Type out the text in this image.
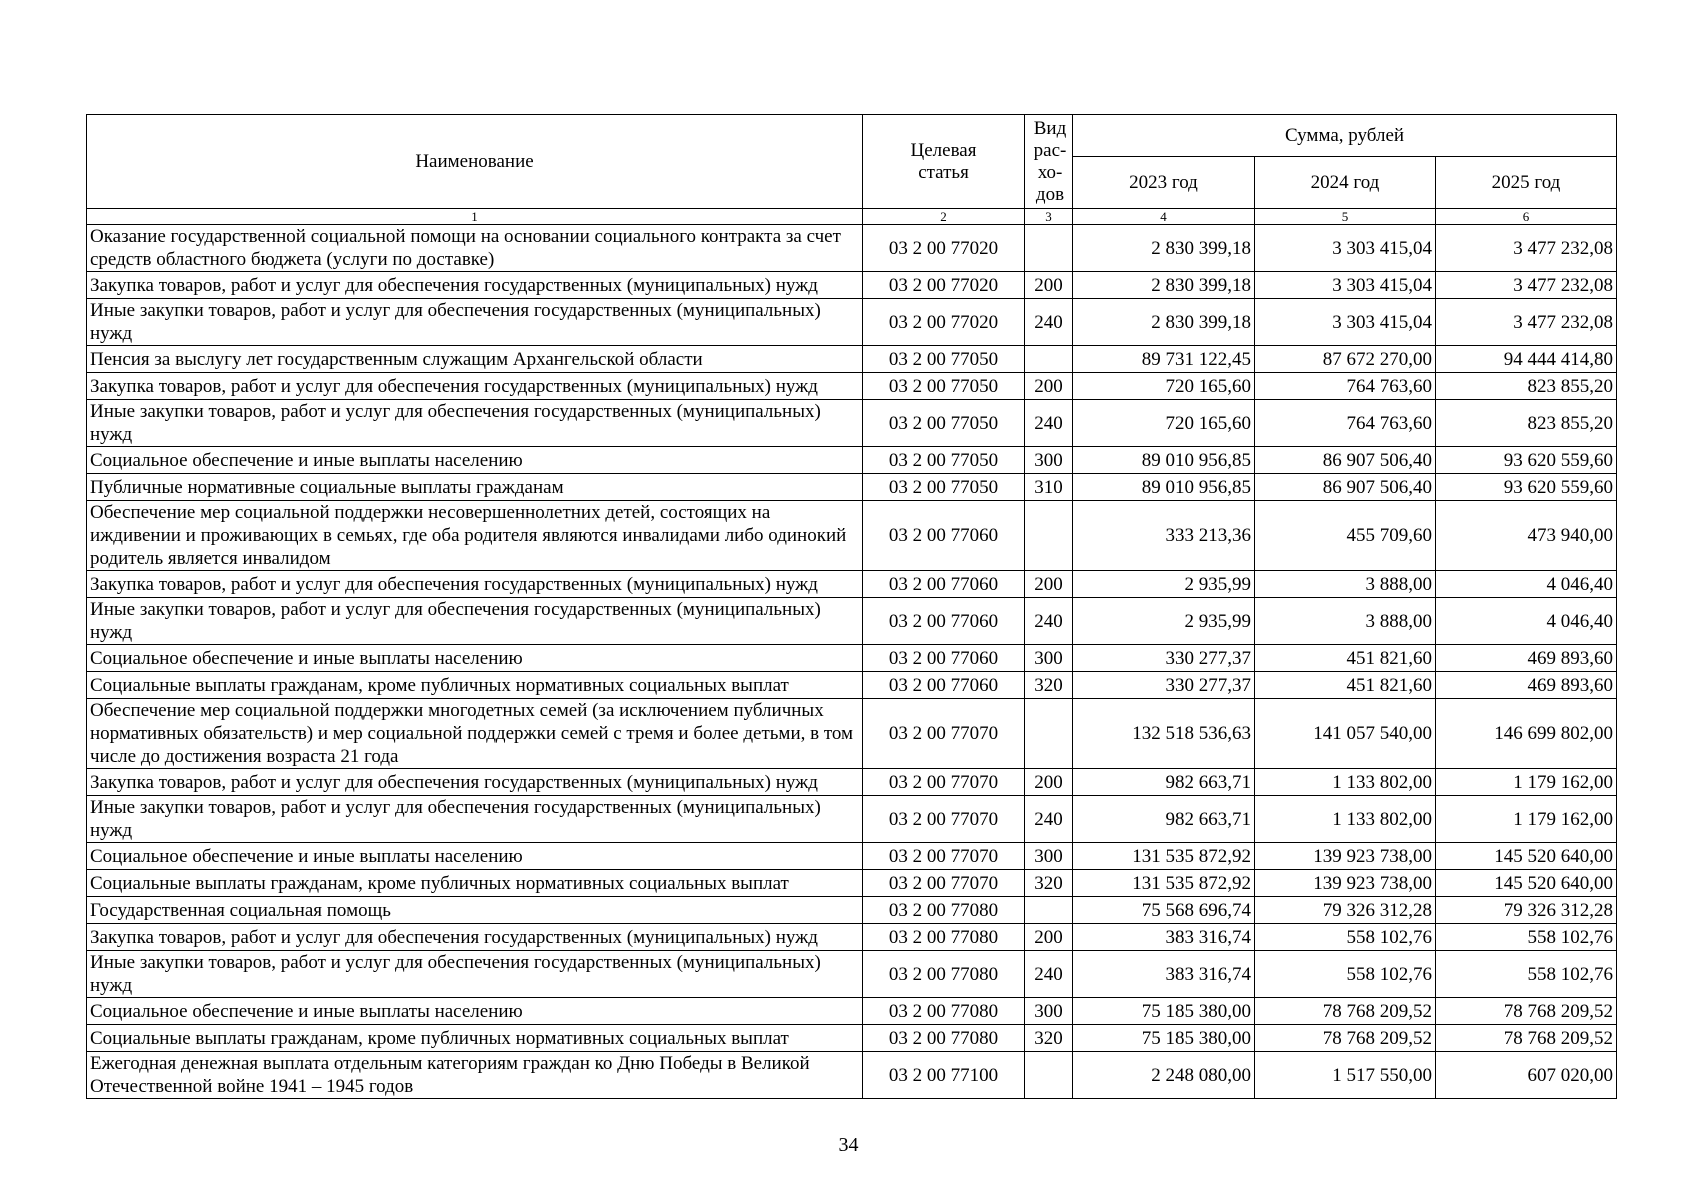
Наименование	Целевая статья	Вид рас-хо-дов	Сумма, рублей		
			2023 год	2024 год	2025 год
1	2	3	4	5	6
Оказание государственной социальной помощи на основании социального контракта за счет средств областного бюджета (услуги по доставке)	03 2 00 77020		2 830 399,18	3 303 415,04	3 477 232,08
Закупка товаров, работ и услуг для обеспечения государственных (муниципальных) нужд	03 2 00 77020	200	2 830 399,18	3 303 415,04	3 477 232,08
Иные закупки товаров, работ и услуг для обеспечения государственных (муниципальных) нужд	03 2 00 77020	240	2 830 399,18	3 303 415,04	3 477 232,08
Пенсия за выслугу лет государственным служащим Архангельской области	03 2 00 77050		89 731 122,45	87 672 270,00	94 444 414,80
Закупка товаров, работ и услуг для обеспечения государственных (муниципальных) нужд	03 2 00 77050	200	720 165,60	764 763,60	823 855,20
Иные закупки товаров, работ и услуг для обеспечения государственных (муниципальных) нужд	03 2 00 77050	240	720 165,60	764 763,60	823 855,20
Социальное обеспечение и иные выплаты населению	03 2 00 77050	300	89 010 956,85	86 907 506,40	93 620 559,60
Публичные нормативные социальные выплаты гражданам	03 2 00 77050	310	89 010 956,85	86 907 506,40	93 620 559,60
Обеспечение мер социальной поддержки несовершеннолетних детей, состоящих на иждивении и проживающих в семьях, где оба родителя являются инвалидами либо одинокий родитель является инвалидом	03 2 00 77060		333 213,36	455 709,60	473 940,00
Закупка товаров, работ и услуг для обеспечения государственных (муниципальных) нужд	03 2 00 77060	200	2 935,99	3 888,00	4 046,40
Иные закупки товаров, работ и услуг для обеспечения государственных (муниципальных) нужд	03 2 00 77060	240	2 935,99	3 888,00	4 046,40
Социальное обеспечение и иные выплаты населению	03 2 00 77060	300	330 277,37	451 821,60	469 893,60
Социальные выплаты гражданам, кроме публичных нормативных социальных выплат	03 2 00 77060	320	330 277,37	451 821,60	469 893,60
Обеспечение мер социальной поддержки многодетных семей (за исключением публичных нормативных обязательств) и мер социальной поддержки семей с тремя и более детьми, в том числе до достижения возраста 21 года	03 2 00 77070		132 518 536,63	141 057 540,00	146 699 802,00
Закупка товаров, работ и услуг для обеспечения государственных (муниципальных) нужд	03 2 00 77070	200	982 663,71	1 133 802,00	1 179 162,00
Иные закупки товаров, работ и услуг для обеспечения государственных (муниципальных) нужд	03 2 00 77070	240	982 663,71	1 133 802,00	1 179 162,00
Социальное обеспечение и иные выплаты населению	03 2 00 77070	300	131 535 872,92	139 923 738,00	145 520 640,00
Социальные выплаты гражданам, кроме публичных нормативных социальных выплат	03 2 00 77070	320	131 535 872,92	139 923 738,00	145 520 640,00
Государственная социальная помощь	03 2 00 77080		75 568 696,74	79 326 312,28	79 326 312,28
Закупка товаров, работ и услуг для обеспечения государственных (муниципальных) нужд	03 2 00 77080	200	383 316,74	558 102,76	558 102,76
Иные закупки товаров, работ и услуг для обеспечения государственных (муниципальных) нужд	03 2 00 77080	240	383 316,74	558 102,76	558 102,76
Социальное обеспечение и иные выплаты населению	03 2 00 77080	300	75 185 380,00	78 768 209,52	78 768 209,52
Социальные выплаты гражданам, кроме публичных нормативных социальных выплат	03 2 00 77080	320	75 185 380,00	78 768 209,52	78 768 209,52
Ежегодная денежная выплата отдельным категориям граждан ко Дню Победы в Великой Отечественной войне 1941 – 1945 годов	03 2 00 77100		2 248 080,00	1 517 550,00	607 020,00
34
